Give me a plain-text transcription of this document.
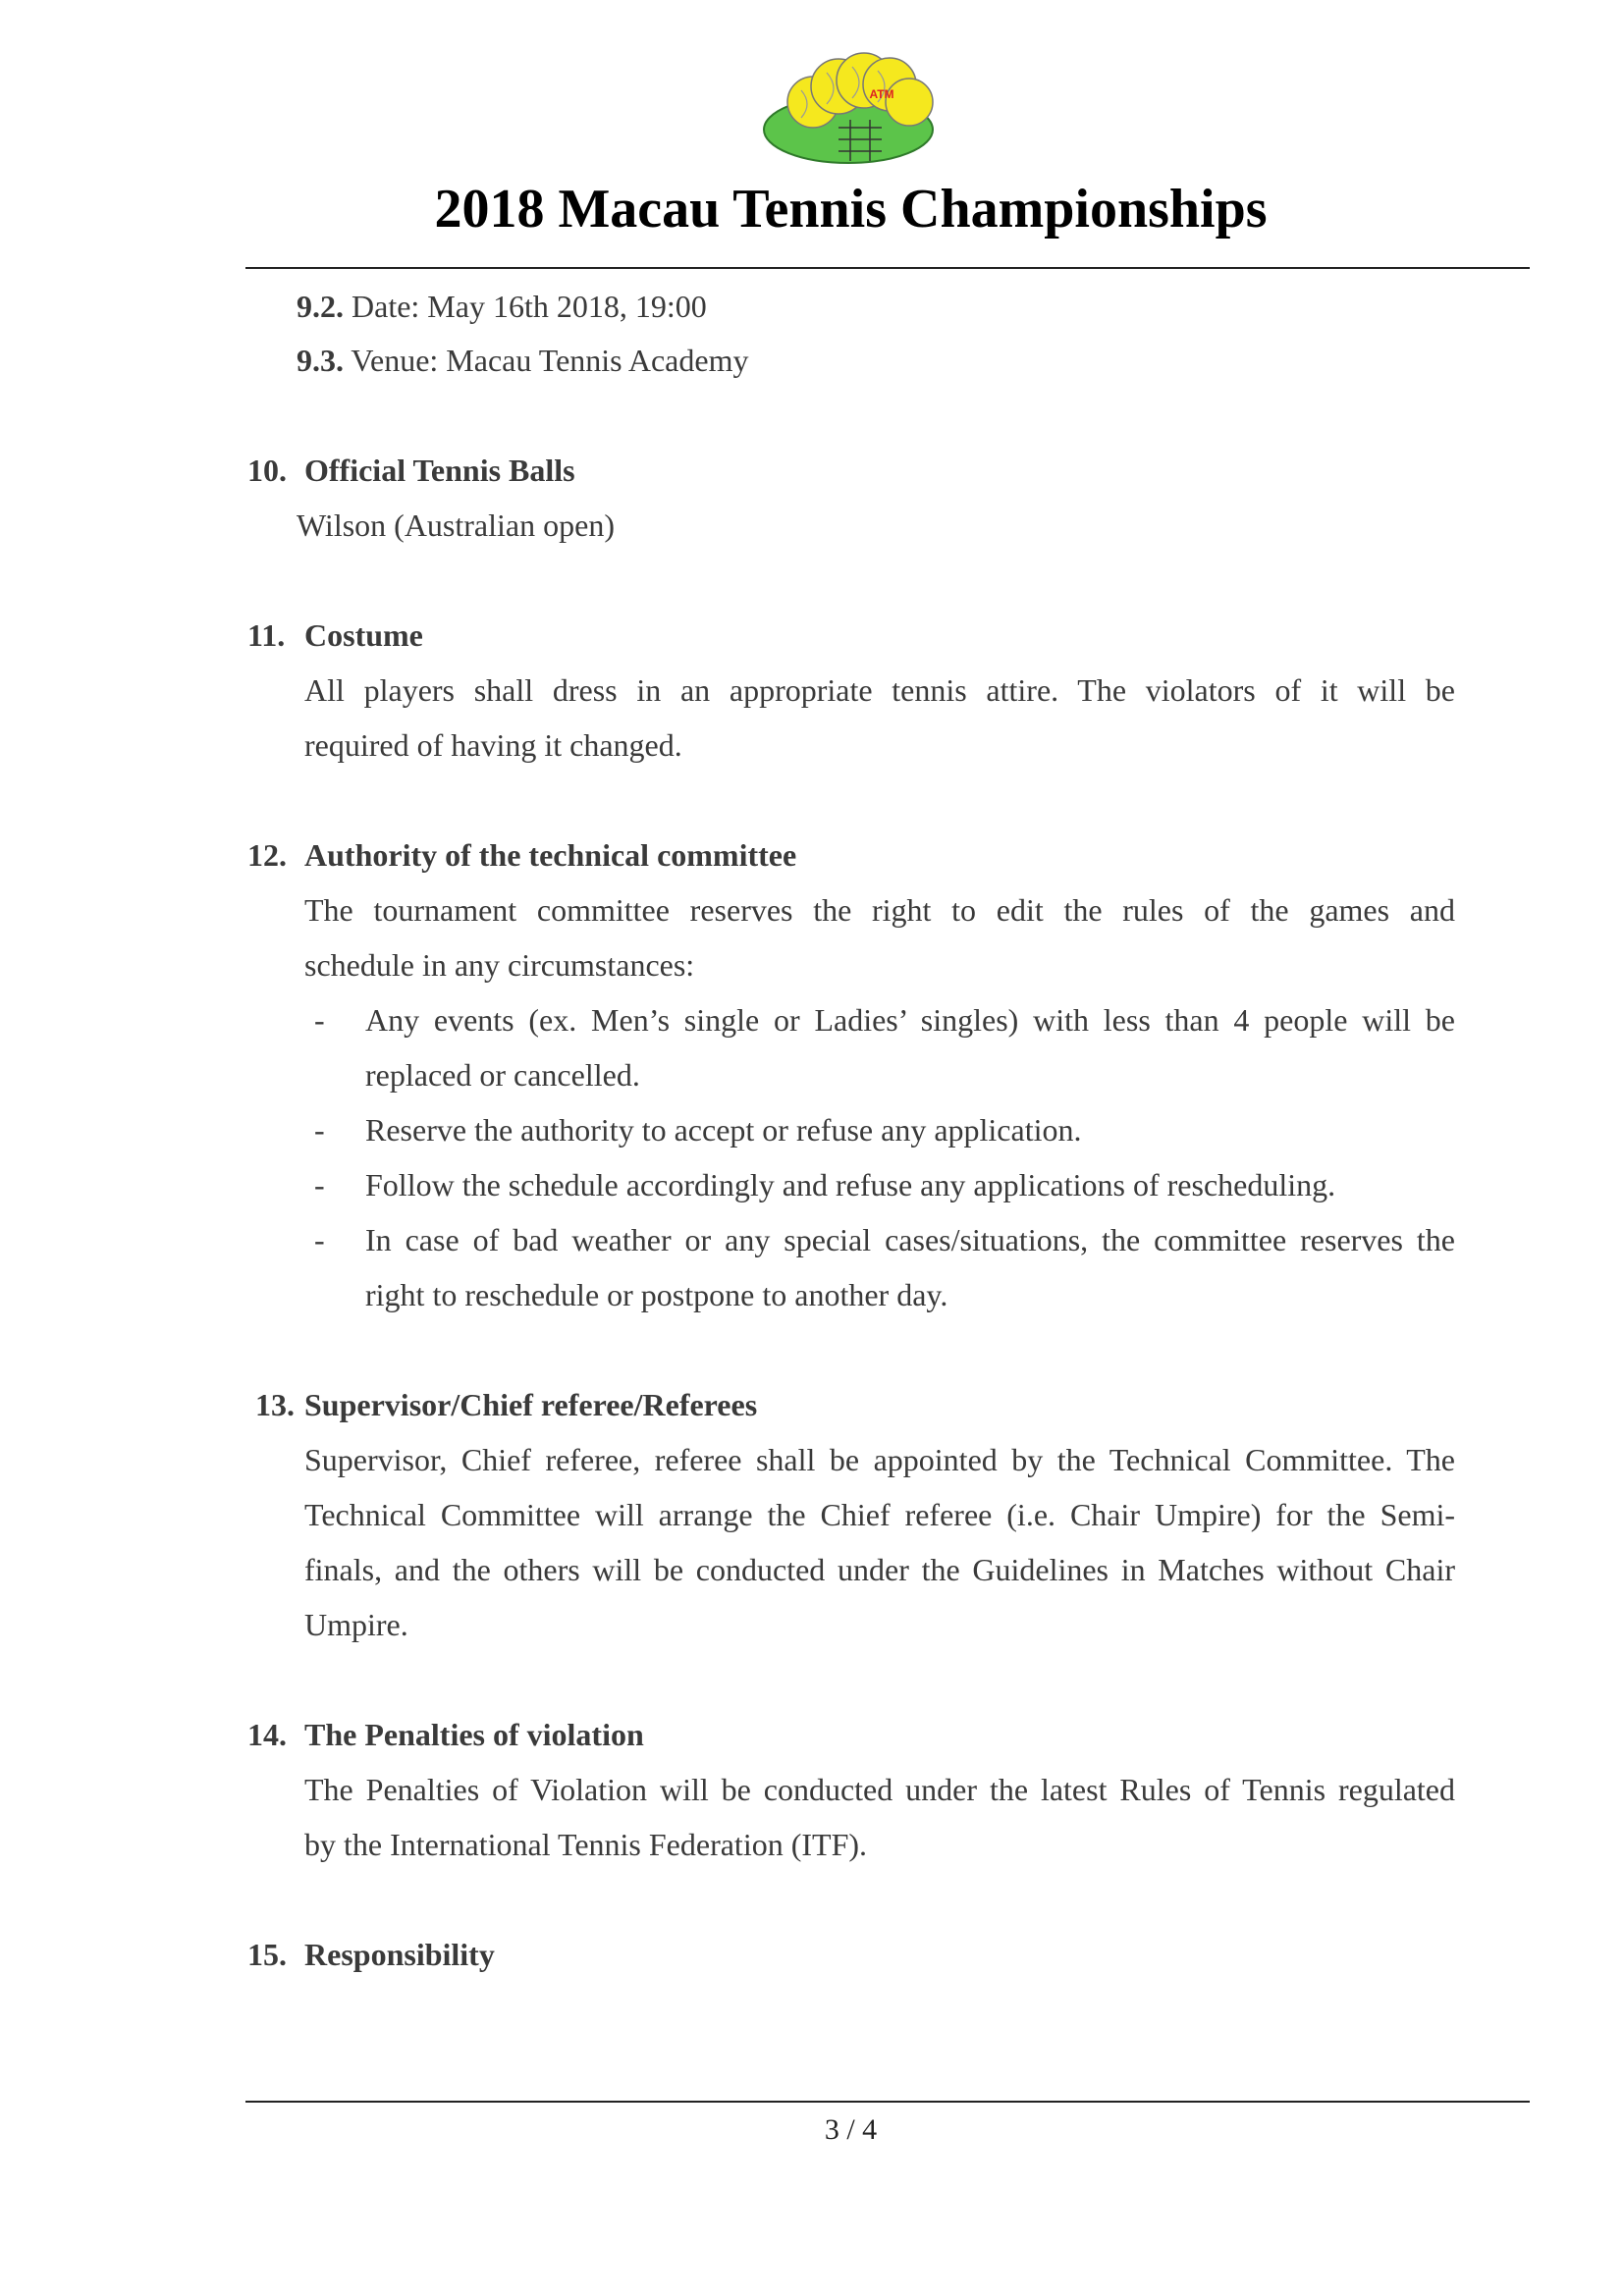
ATM
2018 Macau Tennis Championships
9.2. Date: May 16th 2018, 19:00
9.3. Venue: Macau Tennis Academy
10. Official Tennis Balls
Wilson (Australian open)
11. Costume
All players shall dress in an appropriate tennis attire. The violators of it will be
required of having it changed.
12. Authority of the technical committee
The tournament committee reserves the right to edit the rules of the games and
schedule in any circumstances:
- Any events (ex. Men’s single or Ladies’ singles) with less than 4 people will be
replaced or cancelled.
- Reserve the authority to accept or refuse any application.
- Follow the schedule accordingly and refuse any applications of rescheduling.
- In case of bad weather or any special cases/situations, the committee reserves the
right to reschedule or postpone to another day.
13. Supervisor/Chief referee/Referees
Supervisor, Chief referee, referee shall be appointed by the Technical Committee. The
Technical Committee will arrange the Chief referee (i.e. Chair Umpire) for the Semi-
finals, and the others will be conducted under the Guidelines in Matches without Chair
Umpire.
14. The Penalties of violation
The Penalties of Violation will be conducted under the latest Rules of Tennis regulated
by the International Tennis Federation (ITF).
15. Responsibility
3 / 4
